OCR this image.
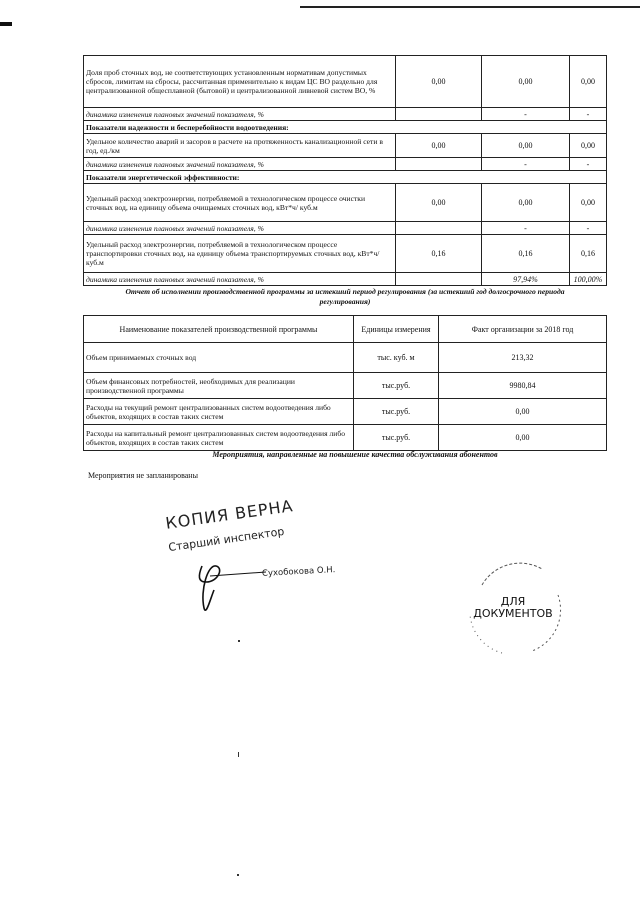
Доля проб сточных вод, не соответствующих установленным нормативам допустимых сбросов, лимитам на сбросы, рассчитанная применительно к видам ЦС ВО раздельно для централизованной общесплавной (бытовой) и централизованной ливневой систем ВО, %	0,00	0,00	0,00
динамика изменения плановых значений показателя, %		-	-
Показатели надежности и бесперебойности водоотведения:			
Удельное количество аварий и засоров в расчете на протяженность канализационной сети в год, ед./км	0,00	0,00	0,00
динамика изменения плановых значений показателя, %		-	-
Показатели энергетической эффективности:			
Удельный расход электроэнергии, потребляемой в технологическом процессе очистки сточных вод, на единицу объема очищаемых сточных вод, кВт*ч/ куб.м	0,00	0,00	0,00
динамика изменения плановых значений показателя, %		-	-
Удельный расход электроэнергии, потребляемой в технологическом процессе транспортировки сточных вод, на единицу объема транспортируемых сточных вод, кВт*ч/ куб.м	0,16	0,16	0,16
динамика изменения плановых значений показателя, %		97,94%	100,00%
Отчет об исполнении производственной программы за истекший период регулирования (за истекший год долгосрочного периода регулирования)
Наименование показателей производственной программы	Единицы измерения	Факт организации за 2018 год
Объем принимаемых сточных вод	тыс. куб. м	213,32
Объем финансовых потребностей, необходимых для реализации производственной программы	тыс.руб.	9980,84
Расходы на текущий ремонт централизованных систем водоотведения либо объектов, входящих в состав таких систем	тыс.руб.	0,00
Расходы на капитальный ремонт централизованных систем водоотведения либо объектов, входящих в состав таких систем	тыс.руб.	0,00
Мероприятия, направленные на повышение качества обслуживания абонентов
Мероприятия не запланированы
КОПИЯ ВЕРНА
Старший инспектор
Сухобокова О.Н.
ДЛЯ
ДОКУМЕНТОВ
